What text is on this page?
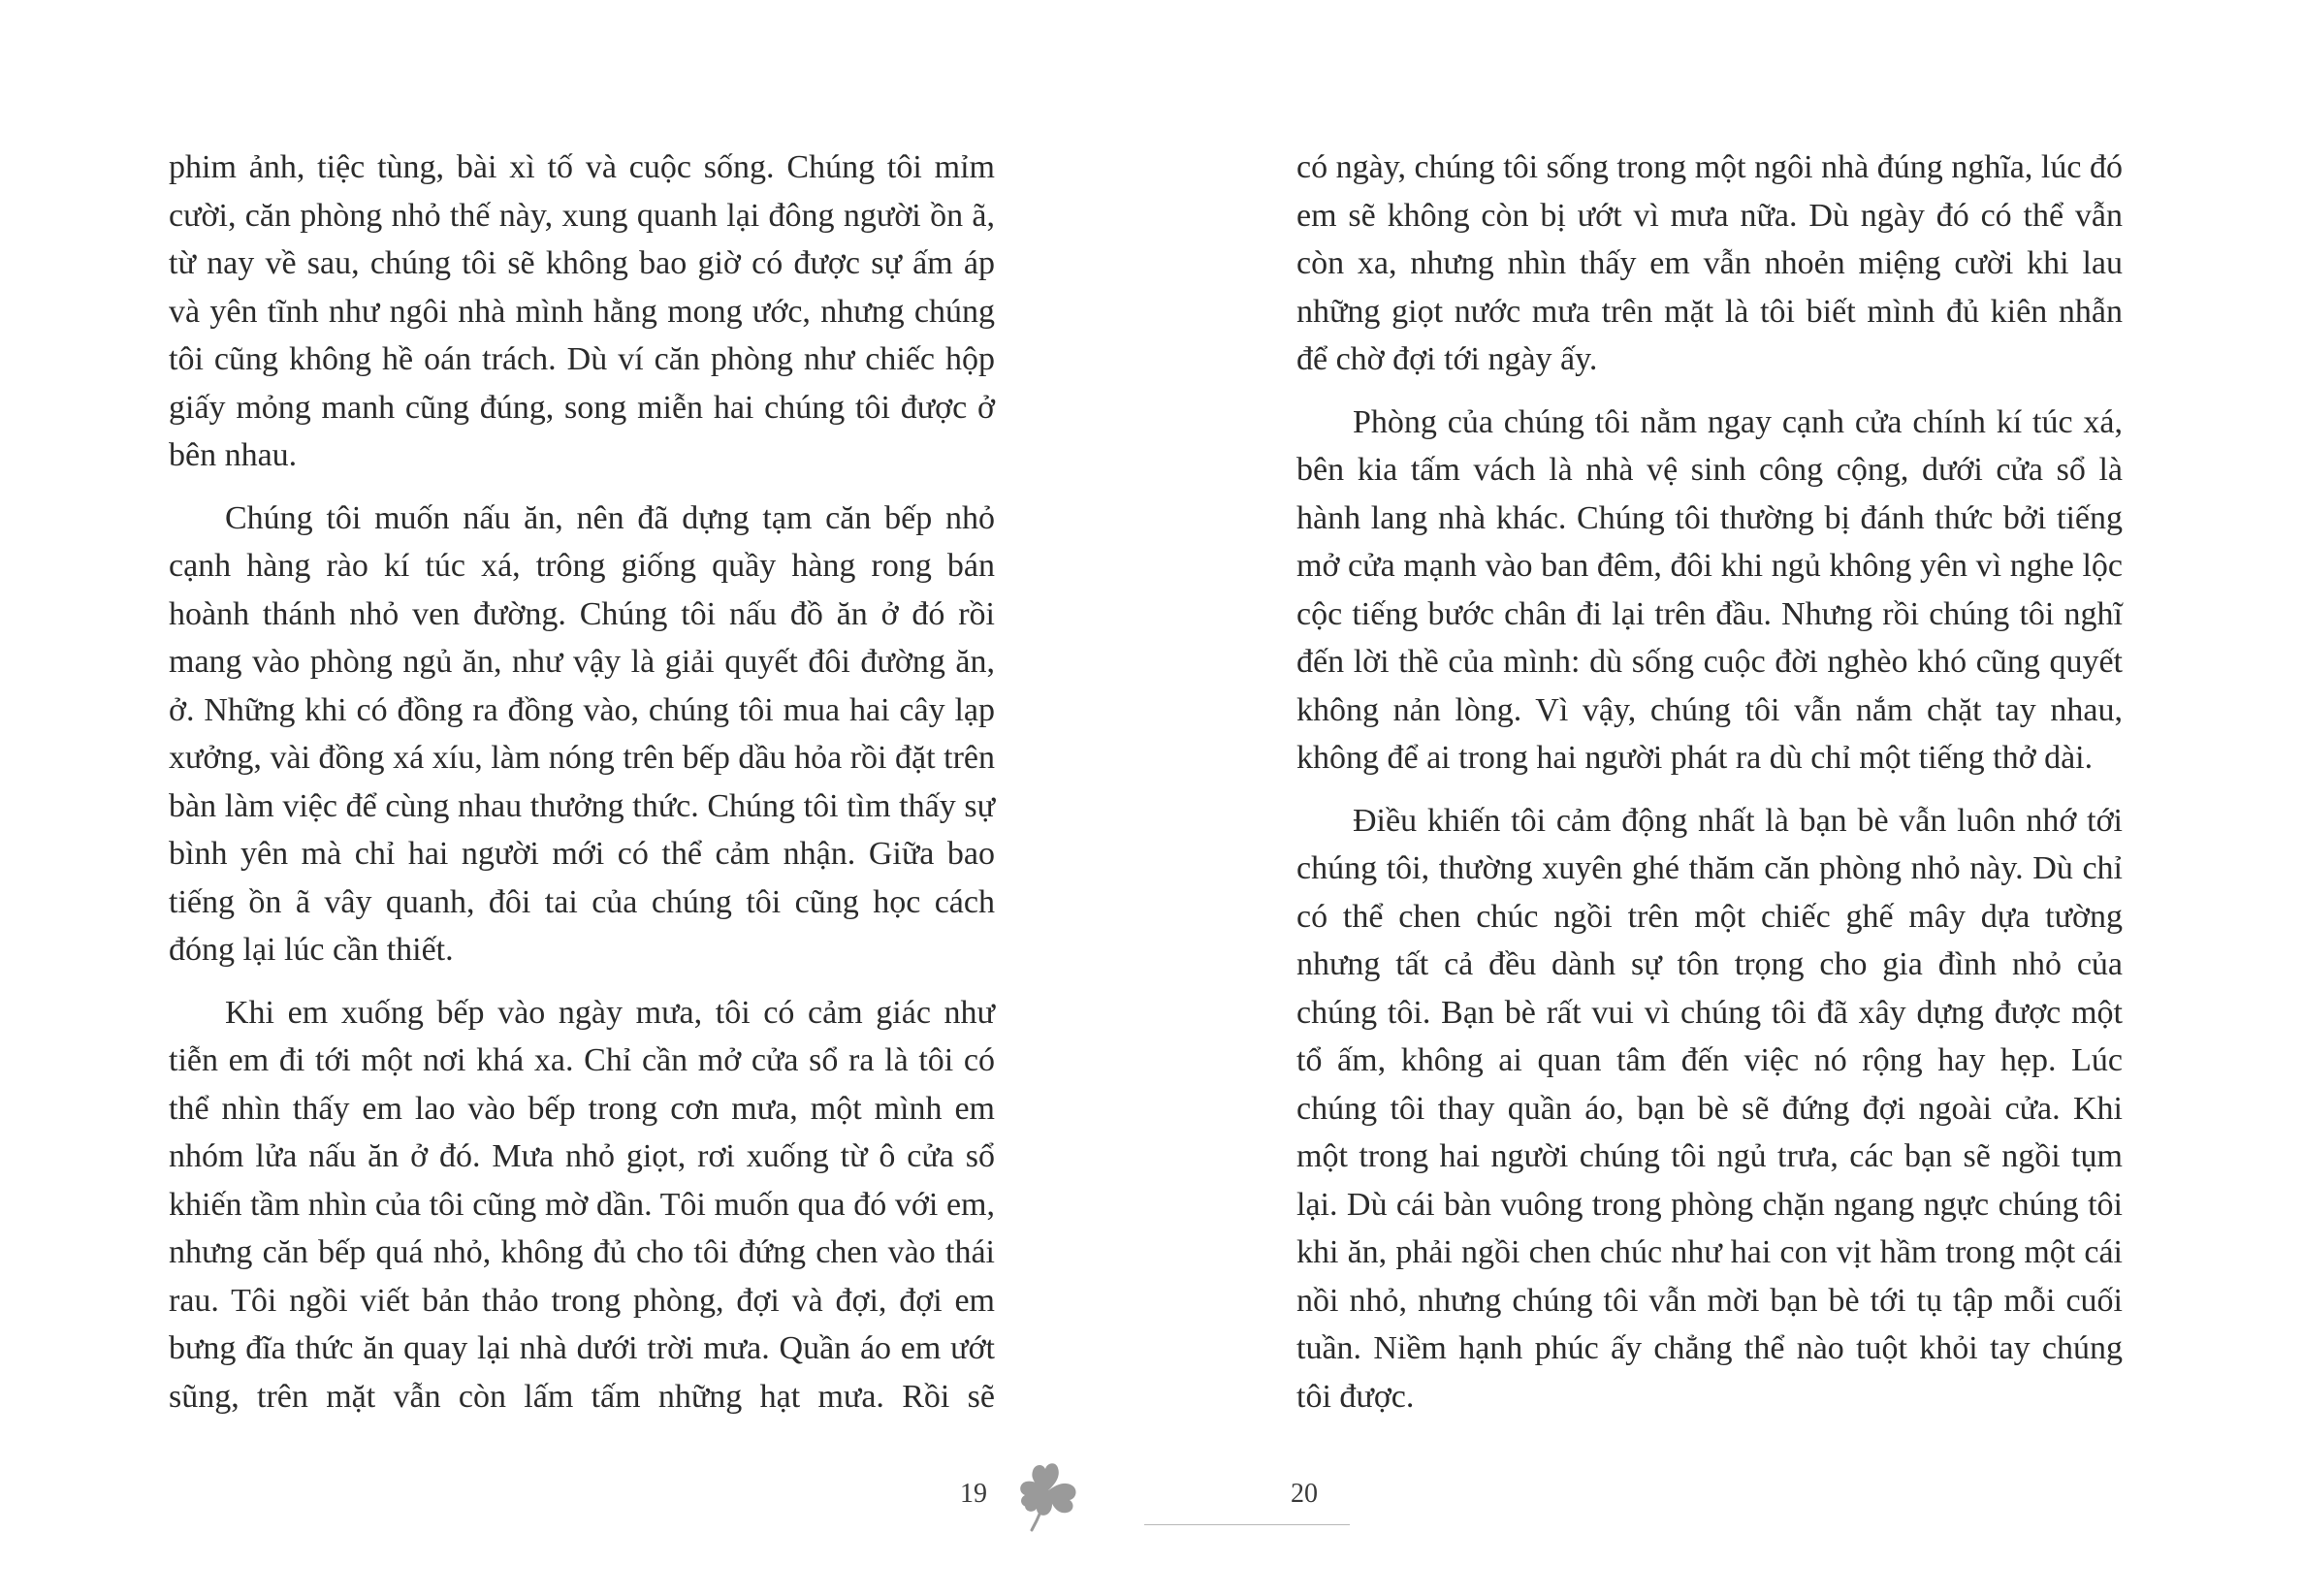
phim ảnh, tiệc tùng, bài xì tố và cuộc sống. Chúng tôi mỉm cười, căn phòng nhỏ thế này, xung quanh lại đông người ồn ã, từ nay về sau, chúng tôi sẽ không bao giờ có được sự ấm áp và yên tĩnh như ngôi nhà mình hằng mong ước, nhưng chúng tôi cũng không hề oán trách. Dù ví căn phòng như chiếc hộp giấy mỏng manh cũng đúng, song miễn hai chúng tôi được ở bên nhau.

Chúng tôi muốn nấu ăn, nên đã dựng tạm căn bếp nhỏ cạnh hàng rào kí túc xá, trông giống quầy hàng rong bán hoành thánh nhỏ ven đường. Chúng tôi nấu đồ ăn ở đó rồi mang vào phòng ngủ ăn, như vậy là giải quyết đôi đường ăn, ở. Những khi có đồng ra đồng vào, chúng tôi mua hai cây lạp xưởng, vài đồng xá xíu, làm nóng trên bếp dầu hỏa rồi đặt trên bàn làm việc để cùng nhau thưởng thức. Chúng tôi tìm thấy sự bình yên mà chỉ hai người mới có thể cảm nhận. Giữa bao tiếng ồn ã vây quanh, đôi tai của chúng tôi cũng học cách đóng lại lúc cần thiết.

Khi em xuống bếp vào ngày mưa, tôi có cảm giác như tiễn em đi tới một nơi khá xa. Chỉ cần mở cửa sổ ra là tôi có thể nhìn thấy em lao vào bếp trong cơn mưa, một mình em nhóm lửa nấu ăn ở đó. Mưa nhỏ giọt, rơi xuống từ ô cửa sổ khiến tầm nhìn của tôi cũng mờ dần. Tôi muốn qua đó với em, nhưng căn bếp quá nhỏ, không đủ cho tôi đứng chen vào thái rau. Tôi ngồi viết bản thảo trong phòng, đợi và đợi, đợi em bưng đĩa thức ăn quay lại nhà dưới trời mưa. Quần áo em ướt sũng, trên mặt vẫn còn lấm tấm những hạt mưa. Rồi sẽ

19

có ngày, chúng tôi sống trong một ngôi nhà đúng nghĩa, lúc đó em sẽ không còn bị ướt vì mưa nữa. Dù ngày đó có thể vẫn còn xa, nhưng nhìn thấy em vẫn nhoẻn miệng cười khi lau những giọt nước mưa trên mặt là tôi biết mình đủ kiên nhẫn để chờ đợi tới ngày ấy.

Phòng của chúng tôi nằm ngay cạnh cửa chính kí túc xá, bên kia tấm vách là nhà vệ sinh công cộng, dưới cửa sổ là hành lang nhà khác. Chúng tôi thường bị đánh thức bởi tiếng mở cửa mạnh vào ban đêm, đôi khi ngủ không yên vì nghe lộc cộc tiếng bước chân đi lại trên đầu. Nhưng rồi chúng tôi nghĩ đến lời thề của mình: dù sống cuộc đời nghèo khó cũng quyết không nản lòng. Vì vậy, chúng tôi vẫn nắm chặt tay nhau, không để ai trong hai người phát ra dù chỉ một tiếng thở dài.

Điều khiến tôi cảm động nhất là bạn bè vẫn luôn nhớ tới chúng tôi, thường xuyên ghé thăm căn phòng nhỏ này. Dù chỉ có thể chen chúc ngồi trên một chiếc ghế mây dựa tường nhưng tất cả đều dành sự tôn trọng cho gia đình nhỏ của chúng tôi. Bạn bè rất vui vì chúng tôi đã xây dựng được một tổ ấm, không ai quan tâm đến việc nó rộng hay hẹp. Lúc chúng tôi thay quần áo, bạn bè sẽ đứng đợi ngoài cửa. Khi một trong hai người chúng tôi ngủ trưa, các bạn sẽ ngồi tụm lại. Dù cái bàn vuông trong phòng chặn ngang ngực chúng tôi khi ăn, phải ngồi chen chúc như hai con vịt hầm trong một cái nồi nhỏ, nhưng chúng tôi vẫn mời bạn bè tới tụ tập mỗi cuối tuần. Niềm hạnh phúc ấy chẳng thể nào tuột khỏi tay chúng tôi được.

20
